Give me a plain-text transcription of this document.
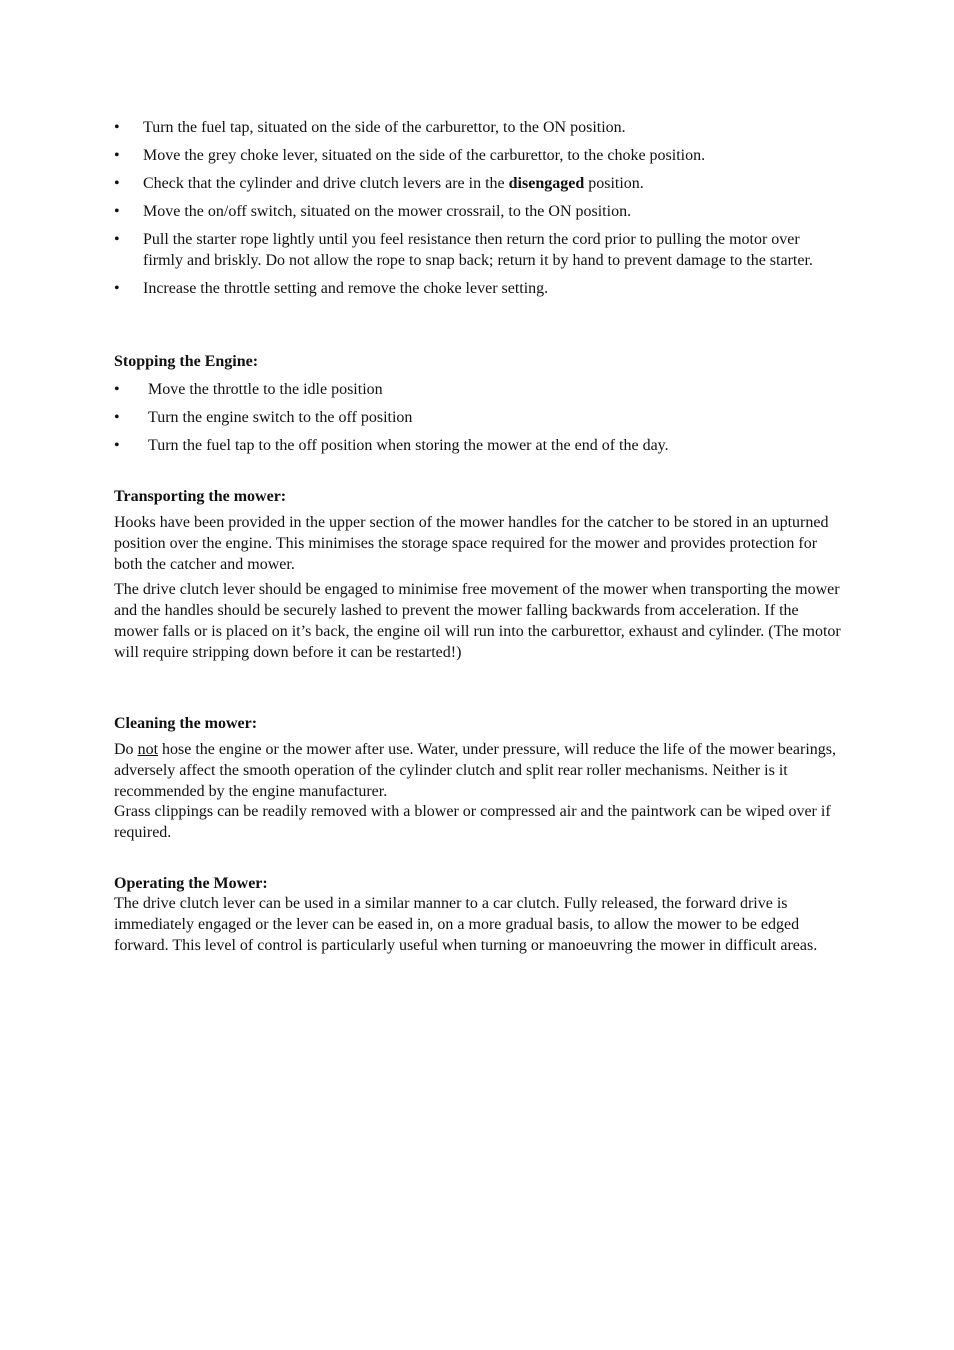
•
Turn the fuel tap, situated on the side of the carburettor, to the ON position.
•
Move the grey choke lever, situated on the side of the carburettor, to the choke position.
•
Check that the cylinder and drive clutch levers are in the disengaged position.
•
Move the on/off switch, situated on the mower crossrail, to the ON position.
•
Pull the starter rope lightly until you feel resistance then return the cord prior to pulling the motor over firmly and briskly. Do not allow the rope to snap back; return it by hand to prevent damage to the starter.
•
Increase the throttle setting and remove the choke lever setting.
Stopping the Engine:
•
Move the throttle to the idle position
•
Turn the engine switch to the off position
•
Turn the fuel tap to the off position when storing the mower at the end of the day.
Transporting the mower:

Hooks have been provided in the upper section of the mower handles for the catcher to be stored in an upturned position over the engine. This minimises the storage space required for the mower and provides protection for both the catcher and mower.

The drive clutch lever should be engaged to minimise free movement of the mower when transporting the mower and the handles should be securely lashed to prevent the mower falling backwards from acceleration. If the mower falls or is placed on it’s back, the engine oil will run into the carburettor, exhaust and cylinder. (The motor will require stripping down before it can be restarted!)

Cleaning the mower:

Do not hose the engine or the mower after use. Water, under pressure, will reduce the life of the mower bearings, adversely affect the smooth operation of the cylinder clutch and split rear roller mechanisms. Neither is it recommended by the engine manufacturer.

Grass clippings can be readily removed with a blower or compressed air and the paintwork can be wiped over if required.

Operating the Mower:

The drive clutch lever can be used in a similar manner to a car clutch. Fully released, the forward drive is immediately engaged or the lever can be eased in, on a more gradual basis, to allow the mower to be edged forward. This level of control is particularly useful when turning or manoeuvring the mower in difficult areas.
